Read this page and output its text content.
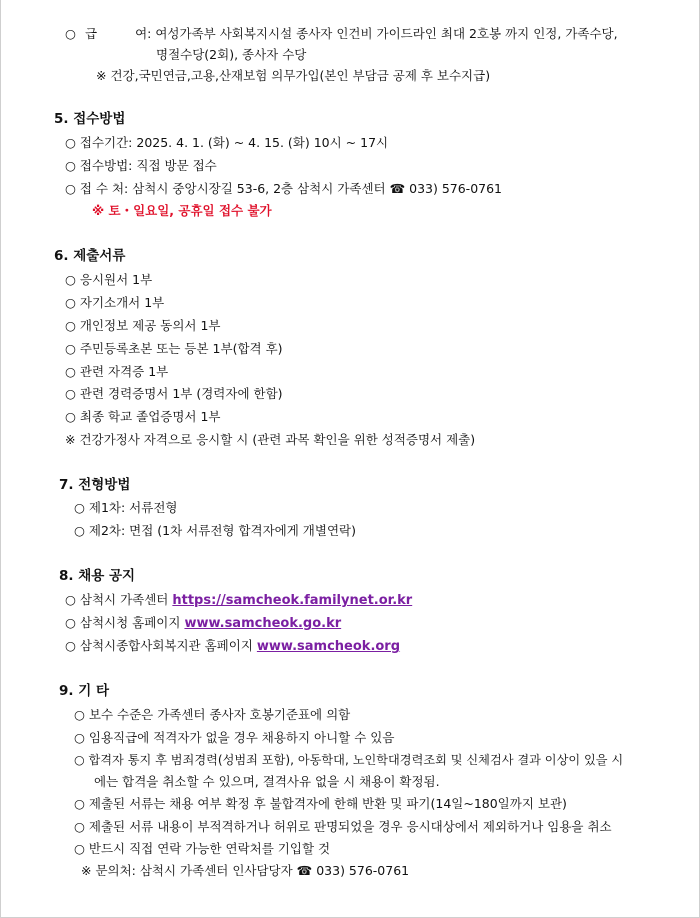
○ 급	여: 여성가족부 사회복지시설 종사자 인건비 가이드라인 최대 2호봉 까지 인정, 가족수당,
명절수당(2회), 종사자 수당
※ 건강,국민연금,고용,산재보험 의무가입(본인 부담금 공제 후 보수지급)
5. 접수방법
○ 접수기간: 2025. 4. 1. (화) ~ 4. 15. (화) 10시 ~ 17시
○ 접수방법: 직접 방문 접수
○ 접 수 처: 삼척시 중앙시장길 53-6, 2층 삼척시 가족센터 ☎ 033) 576-0761
※ 토・일요일, 공휴일 접수 불가
6. 제출서류
○ 응시원서 1부
○ 자기소개서 1부
○ 개인정보 제공 동의서 1부
○ 주민등록초본 또는 등본 1부(합격 후)
○ 관련 자격증 1부
○ 관련 경력증명서 1부 (경력자에 한함)
○ 최종 학교 졸업증명서 1부
※ 건강가정사 자격으로 응시할 시 (관련 과목 확인을 위한 성적증명서 제출)
7. 전형방법
○ 제1차: 서류전형
○ 제2차: 면접 (1차 서류전형 합격자에게 개별연락)
8. 채용 공지
○ 삼척시 가족센터 https://samcheok.familynet.or.kr
○ 삼척시청 홈페이지 www.samcheok.go.kr
○ 삼척시종합사회복지관 홈페이지 www.samcheok.org
9. 기 타
○ 보수 수준은 가족센터 종사자 호봉기준표에 의함
○ 임용직급에 적격자가 없을 경우 채용하지 아니할 수 있음
○ 합격자 통지 후 범죄경력(성범죄 포함), 아동학대, 노인학대경력조회 및 신체검사 결과 이상이 있을 시
에는 합격을 취소할 수 있으며, 결격사유 없을 시 채용이 확정됨.
○ 제출된 서류는 채용 여부 확정 후 불합격자에 한해 반환 및 파기(14일~180일까지 보관)
○ 제출된 서류 내용이 부적격하거나 허위로 판명되었을 경우 응시대상에서 제외하거나 임용을 취소
○ 반드시 직접 연락 가능한 연락처를 기입할 것
※ 문의처: 삼척시 가족센터 인사담당자 ☎ 033) 576-0761
